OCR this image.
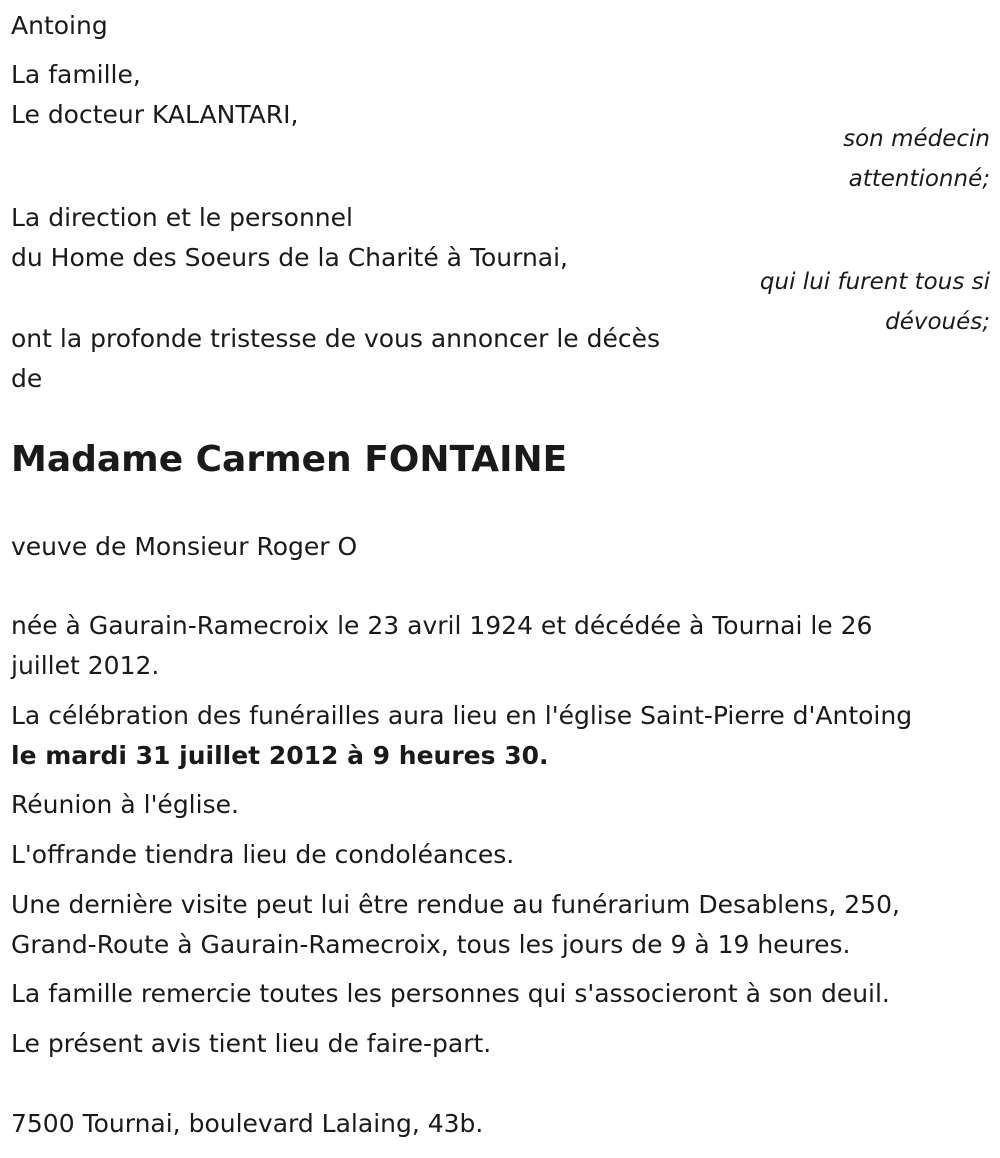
Antoing
La famille,
Le docteur KALANTARI,
son médecin
attentionné;
La direction et le personnel
du Home des Soeurs de la Charité à Tournai,
qui lui furent tous si
dévoués;
ont la profonde tristesse de vous annoncer le décès
de
Madame Carmen FONTAINE
veuve de Monsieur Roger O
née à Gaurain-Ramecroix le 23 avril 1924 et décédée à Tournai le 26
juillet 2012.
La célébration des funérailles aura lieu en l'église Saint-Pierre d'Antoing
le mardi 31 juillet 2012 à 9 heures 30.
Réunion à l'église.
L'offrande tiendra lieu de condoléances.
Une dernière visite peut lui être rendue au funérarium Desablens, 250,
Grand-Route à Gaurain-Ramecroix, tous les jours de 9 à 19 heures.
La famille remercie toutes les personnes qui s'associeront à son deuil.
Le présent avis tient lieu de faire-part.
7500 Tournai, boulevard Lalaing, 43b.
